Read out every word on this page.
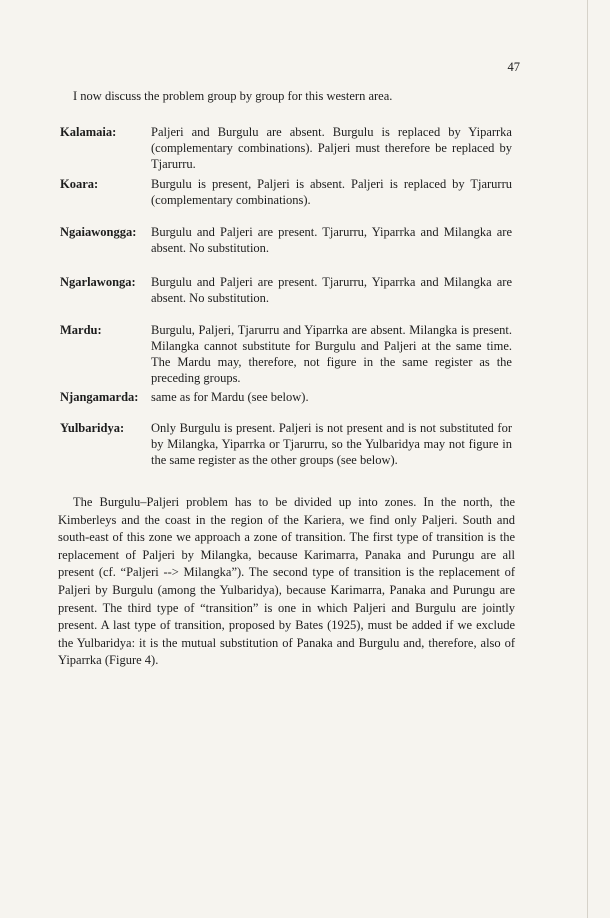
47
I now discuss the problem group by group for this western area.
Kalamaia:	Paljeri and Burgulu are absent. Burgulu is replaced by Yiparrka (complementary combinations). Paljeri must therefore be replaced by Tjarurru.
Koara:	Burgulu is present, Paljeri is absent. Paljeri is replaced by Tjarurru (complementary combinations).
Ngaiawongga:	Burgulu and Paljeri are present. Tjarurru, Yiparrka and Milangka are absent. No substitution.
Ngarlawonga:	Burgulu and Paljeri are present. Tjarurru, Yiparrka and Milangka are absent. No substitution.
Mardu:	Burgulu, Paljeri, Tjarurru and Yiparrka are absent. Milangka is present. Milangka cannot substitute for Burgulu and Paljeri at the same time. The Mardu may, therefore, not figure in the same register as the preceding groups.
Njangamarda:	same as for Mardu (see below).
Yulbaridya:	Only Burgulu is present. Paljeri is not present and is not substituted for by Milangka, Yiparrka or Tjarurru, so the Yulbaridya may not figure in the same register as the other groups (see below).
The Burgulu–Paljeri problem has to be divided up into zones. In the north, the Kimberleys and the coast in the region of the Kariera, we find only Paljeri. South and south-east of this zone we approach a zone of transition. The first type of transition is the replacement of Paljeri by Milangka, because Karimarra, Panaka and Purungu are all present (cf. “Paljeri --> Milangka”). The second type of transition is the replacement of Paljeri by Burgulu (among the Yulbaridya), because Karimarra, Panaka and Purungu are present. The third type of “transition” is one in which Paljeri and Burgulu are jointly present. A last type of transition, proposed by Bates (1925), must be added if we exclude the Yulbaridya: it is the mutual substitution of Panaka and Burgulu and, therefore, also of Yiparrka (Figure 4).
